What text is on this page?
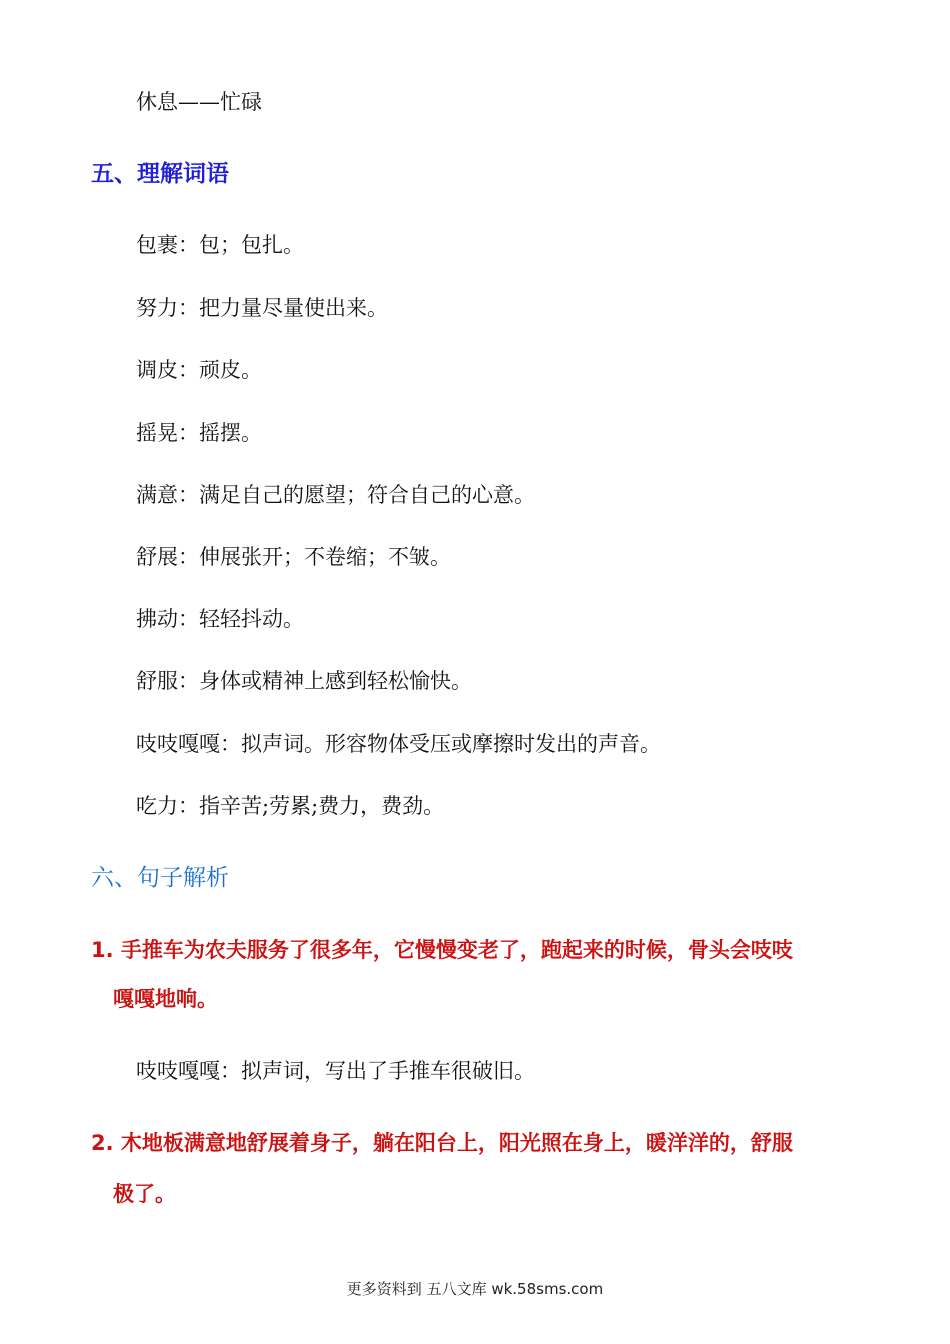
休息——忙碌
五、理解词语
包裹：包；包扎。
努力：把力量尽量使出来。
调皮：顽皮。
摇晃：摇摆。
满意：满足自己的愿望；符合自己的心意。
舒展：伸展张开；不卷缩；不皱。
拂动：轻轻抖动。
舒服：身体或精神上感到轻松愉快。
吱吱嘎嘎：拟声词。形容物体受压或摩擦时发出的声音。
吃力：指辛苦;劳累;费力，费劲。
六、句子解析
1. 手推车为农夫服务了很多年，它慢慢变老了，跑起来的时候，骨头会吱吱
嘎嘎地响。
吱吱嘎嘎：拟声词，写出了手推车很破旧。
2. 木地板满意地舒展着身子，躺在阳台上，阳光照在身上，暖洋洋的，舒服
极了。
更多资料到 五八文库 wk.58sms.com
